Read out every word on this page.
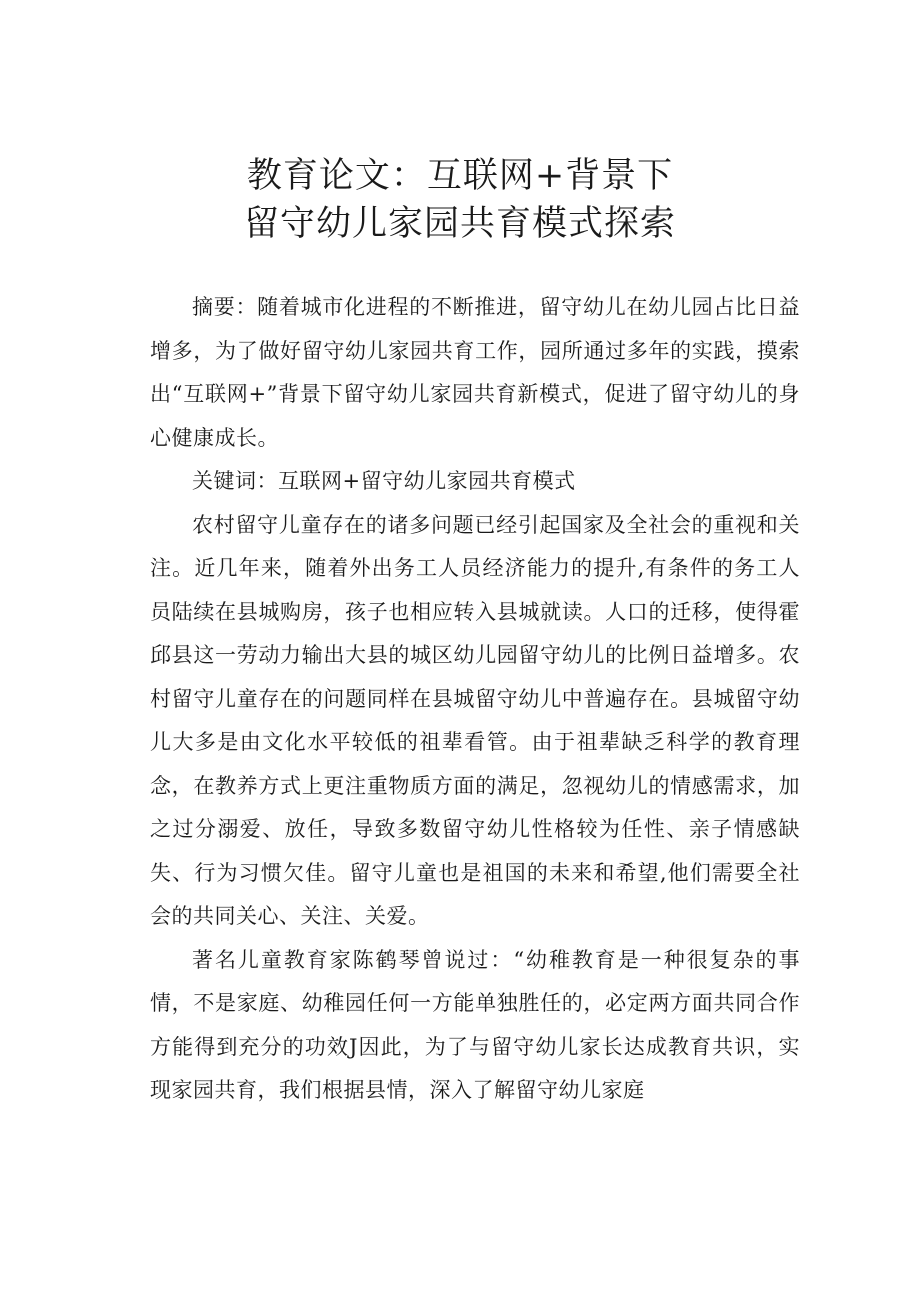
教育论文：互联网+背景下
留守幼儿家园共育模式探索

摘要：随着城市化进程的不断推进，留守幼儿在幼儿园占比日益增多，为了做好留守幼儿家园共育工作，园所通过多年的实践，摸索出“互联网+”背景下留守幼儿家园共育新模式，促进了留守幼儿的身心健康成长。

关键词：互联网+留守幼儿家园共育模式

农村留守儿童存在的诸多问题已经引起国家及全社会的重视和关注。近几年来，随着外出务工人员经济能力的提升,有条件的务工人员陆续在县城购房，孩子也相应转入县城就读。人口的迁移，使得霍邱县这一劳动力输出大县的城区幼儿园留守幼儿的比例日益增多。农村留守儿童存在的问题同样在县城留守幼儿中普遍存在。县城留守幼儿大多是由文化水平较低的祖辈看管。由于祖辈缺乏科学的教育理念，在教养方式上更注重物质方面的满足，忽视幼儿的情感需求，加之过分溺爱、放任，导致多数留守幼儿性格较为任性、亲子情感缺失、行为习惯欠佳。留守儿童也是祖国的未来和希望,他们需要全社会的共同关心、关注、关爱。

著名儿童教育家陈鹤琴曾说过：“幼稚教育是一种很复杂的事情，不是家庭、幼稚园任何一方能单独胜任的，必定两方面共同合作方能得到充分的功效J因此，为了与留守幼儿家长达成教育共识，实现家园共育，我们根据县情，深入了解留守幼儿家庭
